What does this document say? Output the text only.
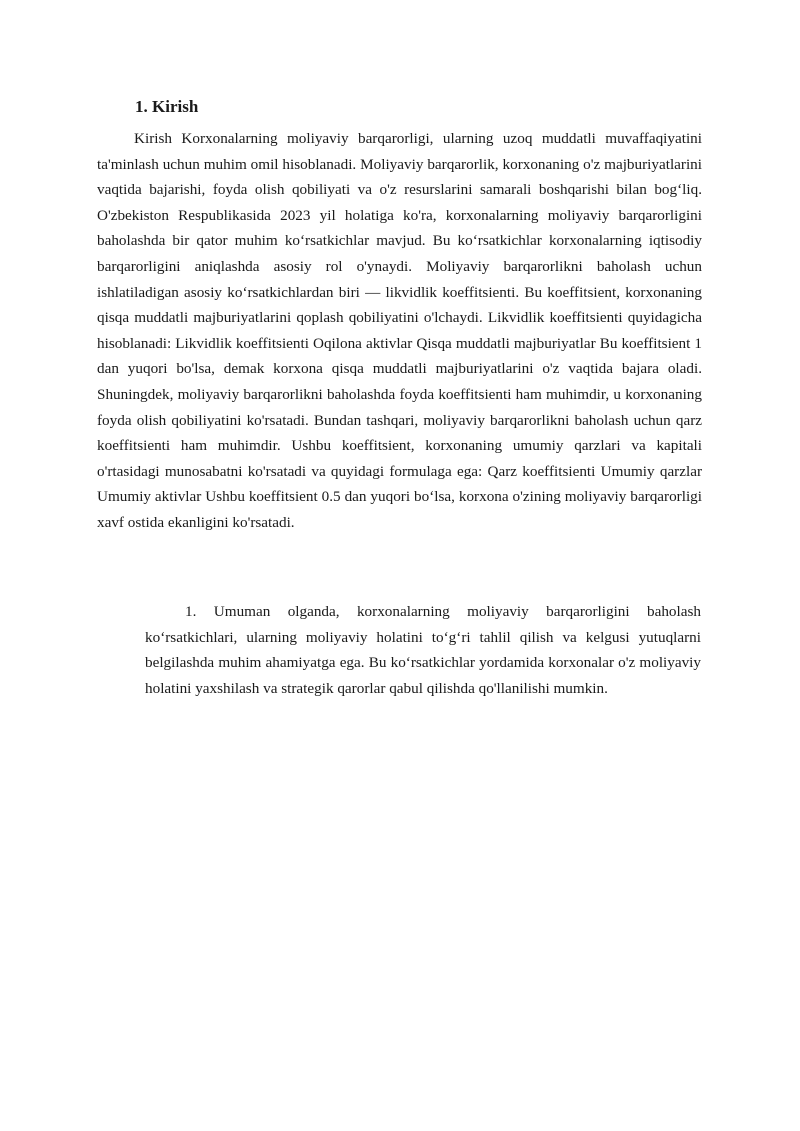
1. Kirish

Kirish Korxonalarning moliyaviy barqarorligi, ularning uzoq muddatli muvaffaqiyatini ta'minlash uchun muhim omil hisoblanadi. Moliyaviy barqarorlik, korxonaning o'z majburiyatlarini vaqtida bajarishi, foyda olish qobiliyati va o'z resurslarini samarali boshqarishi bilan bog‘liq. O'zbekiston Respublikasida 2023 yil holatiga ko'ra, korxonalarning moliyaviy barqarorligini baholashda bir qator muhim ko‘rsatkichlar mavjud. Bu ko‘rsatkichlar korxonalarning iqtisodiy barqarorligini aniqlashda asosiy rol o'ynaydi. Moliyaviy barqarorlikni baholash uchun ishlatiladigan asosiy ko‘rsatkichlardan biri — likvidlik koeffitsienti. Bu koeffitsient, korxonaning qisqa muddatli majburiyatlarini qoplash qobiliyatini o'lchaydi. Likvidlik koeffitsienti quyidagicha hisoblanadi: Likvidlik koeffitsienti Oqilona aktivlar Qisqa muddatli majburiyatlar Bu koeffitsient 1 dan yuqori bo'lsa, demak korxona qisqa muddatli majburiyatlarini o'z vaqtida bajara oladi. Shuningdek, moliyaviy barqarorlikni baholashda foyda koeffitsienti ham muhimdir, u korxonaning foyda olish qobiliyatini ko'rsatadi. Bundan tashqari, moliyaviy barqarorlikni baholash uchun qarz koeffitsienti ham muhimdir. Ushbu koeffitsient, korxonaning umumiy qarzlari va kapitali o'rtasidagi munosabatni ko'rsatadi va quyidagi formulaga ega: Qarz koeffitsienti Umumiy qarzlar Umumiy aktivlar Ushbu koeffitsient 0.5 dan yuqori bo‘lsa, korxona o'zining moliyaviy barqarorligi xavf ostida ekanligini ko'rsatadi.

1. Umuman olganda, korxonalarning moliyaviy barqarorligini baholash ko‘rsatkichlari, ularning moliyaviy holatini to‘g‘ri tahlil qilish va kelgusi yutuqlarni belgilashda muhim ahamiyatga ega. Bu ko‘rsatkichlar yordamida korxonalar o'z moliyaviy holatini yaxshilash va strategik qarorlar qabul qilishda qo'llanilishi mumkin.
